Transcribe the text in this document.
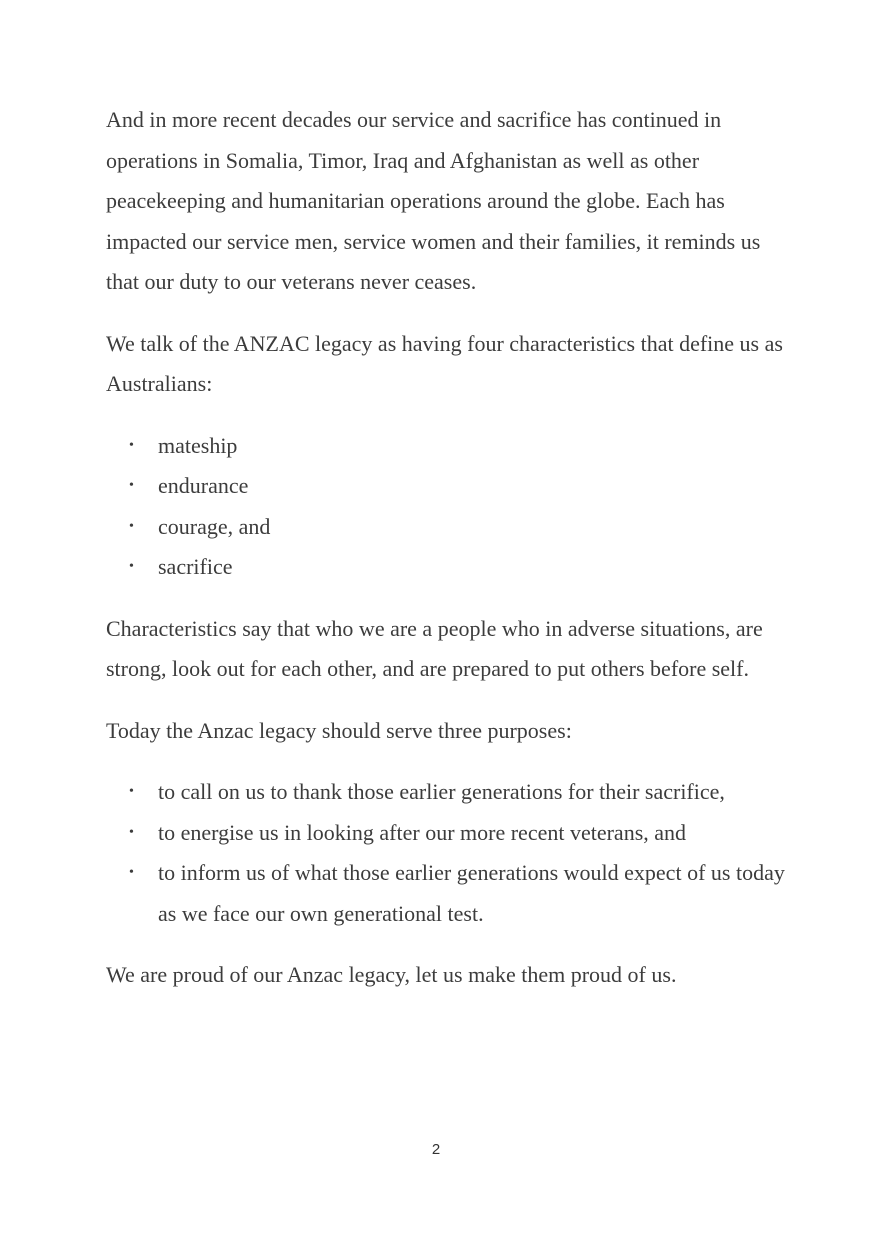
And in more recent decades our service and sacrifice has continued in operations in Somalia, Timor, Iraq and Afghanistan as well as other peacekeeping and humanitarian operations around the globe. Each has impacted our service men, service women and their families, it reminds us that our duty to our veterans never ceases.

We talk of the ANZAC legacy as having four characteristics that define us as Australians:

• mateship
• endurance
• courage, and
• sacrifice

Characteristics say that who we are a people who in adverse situations, are strong, look out for each other, and are prepared to put others before self.

Today the Anzac legacy should serve three purposes:

• to call on us to thank those earlier generations for their sacrifice,
• to energise us in looking after our more recent veterans, and
• to inform us of what those earlier generations would expect of us today as we face our own generational test.

We are proud of our Anzac legacy, let us make them proud of us.

2
